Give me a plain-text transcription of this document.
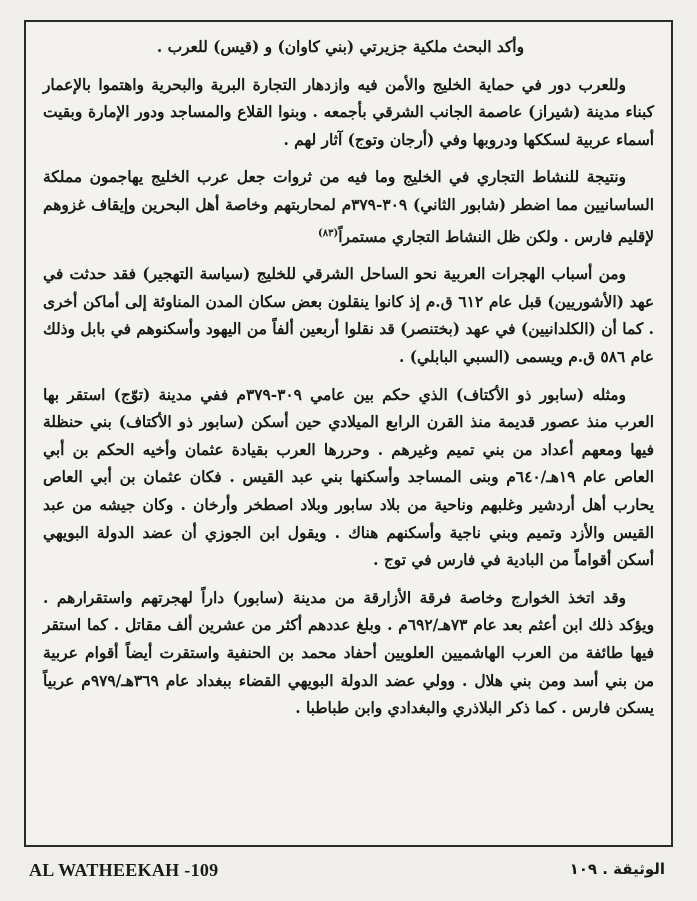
وأكد البحث ملكية جزيرتي (بني كاوان) و (قيس) للعرب .

وللعرب دور في حماية الخليج والأمن فيه وازدهار التجارة البرية والبحرية واهتموا بالإعمار كبناء مدينة (شيراز) عاصمة الجانب الشرقي بأجمعه . وبنوا القلاع والمساجد ودور الإمارة وبقيت أسماء عربية لسككها ودروبها وفي (أرجان وتوج) آثار لهم .

ونتيجة للنشاط التجاري في الخليج وما فيه من ثروات جعل عرب الخليج يهاجمون مملكة الساسانيين مما اضطر (شابور الثاني) ٣٠٩-٣٧٩م لمحاربتهم وخاصة أهل البحرين وإيقاف غزوهم لإقليم فارس . ولكن ظل النشاط التجاري مستمراً$^{(٨٣)}$

ومن أسباب الهجرات العربية نحو الساحل الشرقي للخليج (سياسة التهجير) فقد حدثت في عهد (الأشوريين) قبل عام ٦١٢ ق.م إذ كانوا ينقلون بعض سكان المدن المناوئة إلى أماكن أخرى . كما أن (الكلدانيين) في عهد (بختنصر) قد نقلوا أربعين ألفاً من اليهود وأسكنوهم في بابل وذلك عام ٥٨٦ ق.م ويسمى (السبي البابلي) .

ومثله (سابور ذو الأكتاف) الذي حكم بين عامي ٣٠٩-٣٧٩م ففي مدينة (توّج) استقر بها العرب منذ عصور قديمة منذ القرن الرابع الميلادي حين أسكن (سابور ذو الأكتاف) بني حنظلة فيها ومعهم أعداد من بني تميم وغيرهم . وحررها العرب بقيادة عثمان وأخيه الحكم بن أبي العاص عام ١٩هـ/٦٤٠م وبنى المساجد وأسكنها بني عبد القيس . فكان عثمان بن أبي العاص يحارب أهل أردشير وغلبهم وناحية من بلاد سابور وبلاد اصطخر وأرخان . وكان جيشه من عبد القيس والأزد وتميم وبني ناجية وأسكنهم هناك . ويقول ابن الجوزي أن عضد الدولة البويهي أسكن أقواماً من البادية في فارس في توج .

وقد اتخذ الخوارج وخاصة فرقة الأزارقة من مدينة (سابور) داراً لهجرتهم واستقرارهم . ويؤكد ذلك ابن أعثم بعد عام ٧٣هـ/٦٩٢م . وبلغ عددهم أكثر من عشرين ألف مقاتل . كما استقر فيها طائفة من العرب الهاشميين العلويين أحفاد محمد بن الحنفية واستقرت أيضاً أقوام عربية من بني أسد ومن بني هلال . وولي عضد الدولة البويهي القضاء ببغداد عام ٣٦٩هـ/٩٧٩م عربياً يسكن فارس . كما ذكر البلاذري والبغدادي وابن طباطبا .

AL WATHEEKAH -109	الوثيقة . ١٠٩
